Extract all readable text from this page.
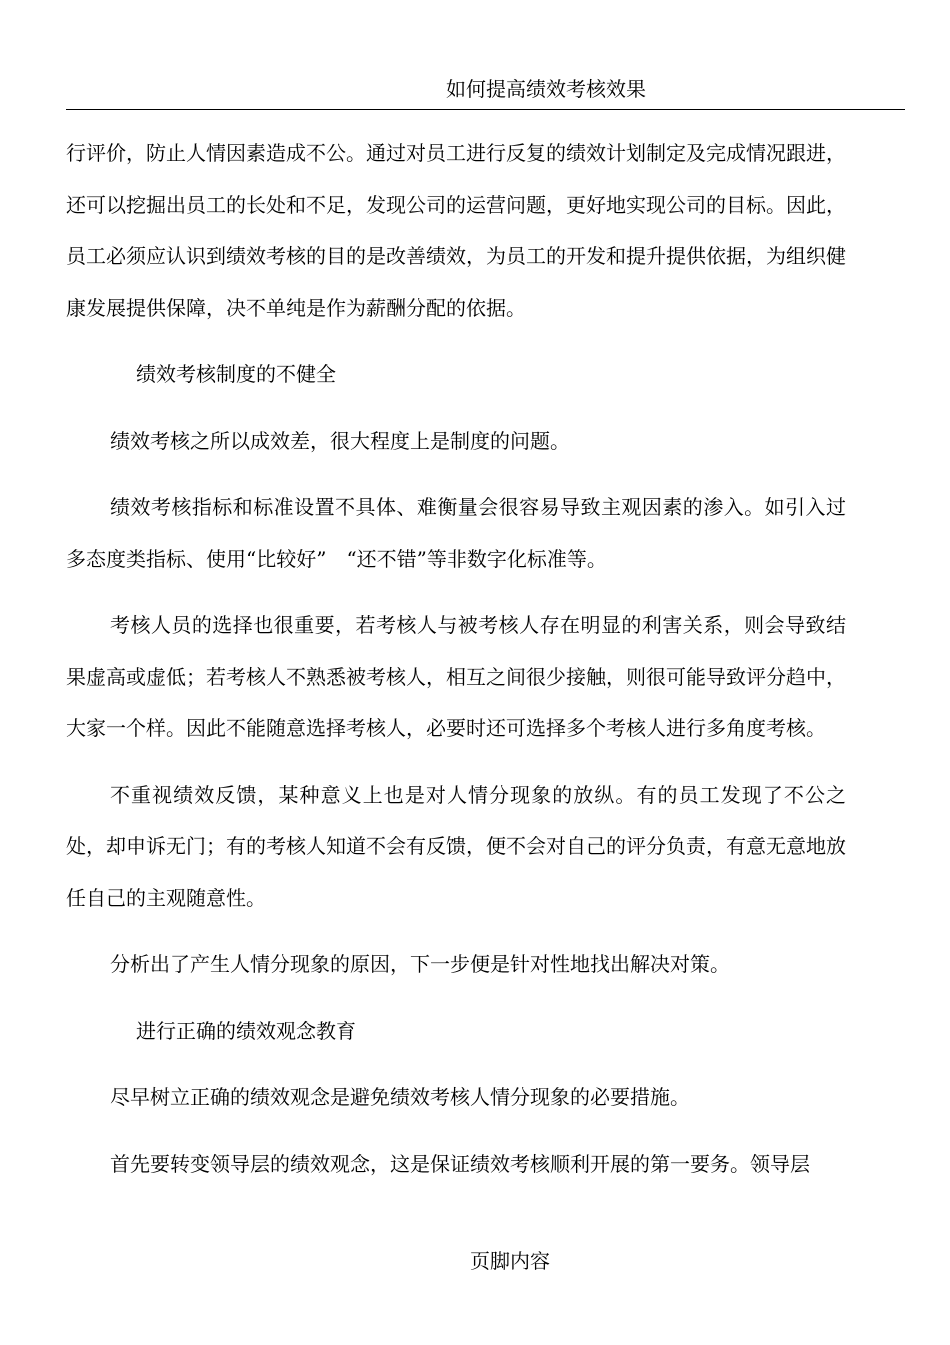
如何提高绩效考核效果

行评价，防止人情因素造成不公。通过对员工进行反复的绩效计划制定及完成情况跟进，还可以挖掘出员工的长处和不足，发现公司的运营问题，更好地实现公司的目标。因此，员工必须应认识到绩效考核的目的是改善绩效，为员工的开发和提升提供依据，为组织健康发展提供保障，决不单纯是作为薪酬分配的依据。

绩效考核制度的不健全

绩效考核之所以成效差，很大程度上是制度的问题。

绩效考核指标和标准设置不具体、难衡量会很容易导致主观因素的渗入。如引入过多态度类指标、使用“比较好”　“还不错”等非数字化标准等。

考核人员的选择也很重要，若考核人与被考核人存在明显的利害关系，则会导致结果虚高或虚低；若考核人不熟悉被考核人，相互之间很少接触，则很可能导致评分趋中，大家一个样。因此不能随意选择考核人，必要时还可选择多个考核人进行多角度考核。

不重视绩效反馈，某种意义上也是对人情分现象的放纵。有的员工发现了不公之处，却申诉无门；有的考核人知道不会有反馈，便不会对自己的评分负责，有意无意地放任自己的主观随意性。

分析出了产生人情分现象的原因，下一步便是针对性地找出解决对策。

进行正确的绩效观念教育

尽早树立正确的绩效观念是避免绩效考核人情分现象的必要措施。

首先要转变领导层的绩效观念，这是保证绩效考核顺利开展的第一要务。领导层

页脚内容
